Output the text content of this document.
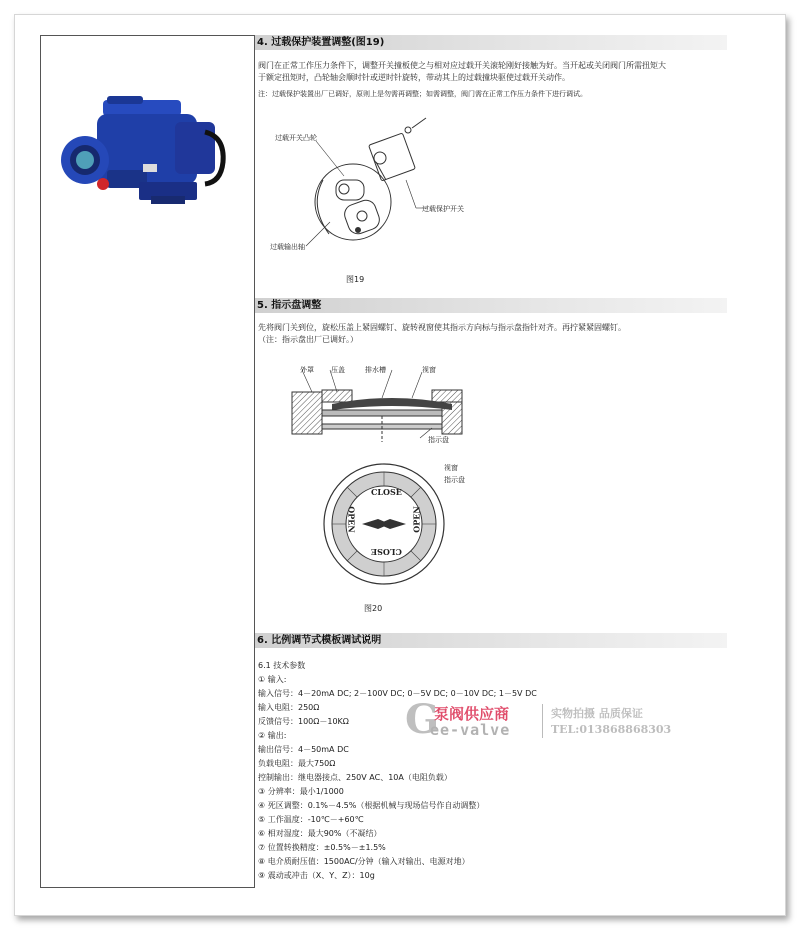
4. 过载保护装置调整(图19)
阀门在正常工作压力条件下，调整开关撞板使之与相对应过载开关滚轮刚好接触为好。当开起或关闭阀门所需扭矩大
于额定扭矩时，凸轮轴会顺时针或逆时针旋转，带动其上的过载撞块驱使过载开关动作。
注：过载保护装置出厂已调好，原则上是勿需再调整；如需调整，阀门需在正常工作压力条件下进行调试。
过载开关凸轮
过载保护开关
过载输出轴
图19
5. 指示盘调整
先将阀门关到位，旋松压盖上紧固螺钉、旋转视窗使其指示方向标与指示盘指针对齐。再拧紧紧固螺钉。
（注：指示盘出厂已调好。）
外罩 压盖	排水槽	视窗
指示盘
CLOSE
CLOSE
OPEN	OPEN
视窗
指示盘
图20
6. 比例调节式模板调试说明
6.1 技术参数
① 输入:
输入信号：4－20mA DC; 2－100V DC; 0－5V DC; 0－10V DC; 1－5V DC
输入电阻：250Ω
反馈信号：100Ω－10KΩ
② 输出:
输出信号：4－50mA DC
负载电阻：最大750Ω
控制输出：继电器接点、250V AC、10A（电阻负载）
③ 分辨率：最小1/1000
④ 死区调整：0.1%－4.5%（根据机械与现场信号作自动调整）
⑤ 工作温度：-10℃－+60℃
⑥ 相对湿度：最大90%（不凝结）
⑦ 位置转换精度：±0.5%－±1.5%
⑧ 电介质耐压值：1500AC/分钟（输入对输出、电源对地）
⑨ 震动或冲击（X、Y、Z）：10g
G
泵阀供应商
ee-valve
实物拍摄 品质保证
TEL:013868868303
